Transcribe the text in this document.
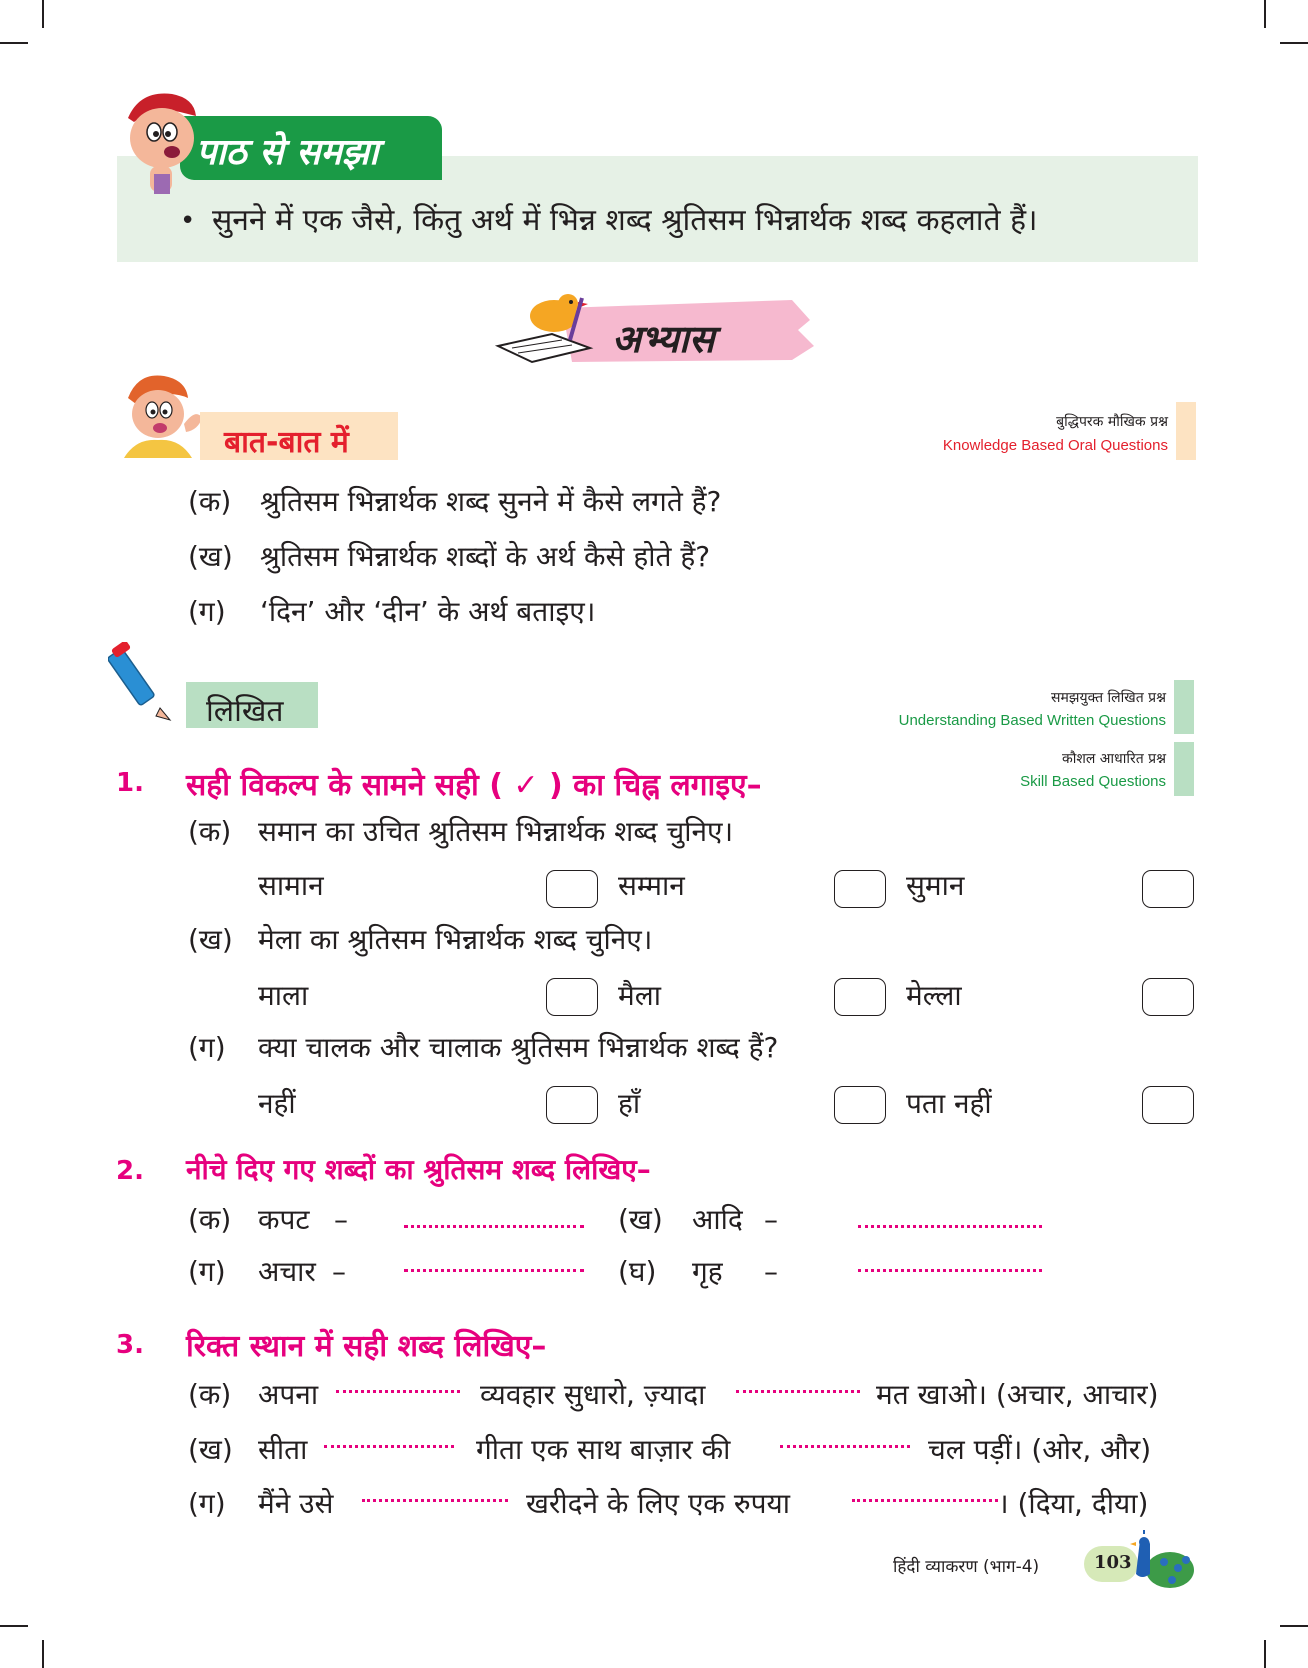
पाठ से समझा
• सुनने में एक जैसे, किंतु अर्थ में भिन्न शब्द श्रुतिसम भिन्नार्थक शब्द कहलाते हैं।
अभ्यास
बात-बात में
बुद्धिपरक मौखिक प्रश्न
Knowledge Based Oral Questions
(क) श्रुतिसम भिन्नार्थक शब्द सुनने में कैसे लगते हैं?
(ख) श्रुतिसम भिन्नार्थक शब्दों के अर्थ कैसे होते हैं?
(ग) ‘दिन’ और ‘दीन’ के अर्थ बताइए।
लिखित	समझयुक्त लिखित प्रश्न
Understanding Based Written Questions
कौशल आधारित प्रश्न
Skill Based Questions
1. सही विकल्प के सामने सही ( ✓ ) का चिह्न लगाइए–
(क) समान का उचित श्रुतिसम भिन्नार्थक शब्द चुनिए।
सामान	सम्मान	सुमान
(ख) मेला का श्रुतिसम भिन्नार्थक शब्द चुनिए।
माला	मैला	मेल्ला
(ग) क्या चालक और चालाक श्रुतिसम भिन्नार्थक शब्द हैं?
नहीं	हाँ	पता नहीं
2. नीचे दिए गए शब्दों का श्रुतिसम शब्द लिखिए–
(क) कपट –	(ख) आदि –
(ग) अचार –	(घ) गृह –
3. रिक्त स्थान में सही शब्द लिखिए–
(क) अपना	व्यवहार सुधारो, ज़्यादा	मत खाओ। (अचार, आचार)
(ख) सीता	गीता एक साथ बाज़ार की	चल पड़ीं। (ओर, और)
(ग) मैंने उसे	खरीदने के लिए एक रुपया	। (दिया, दीया)
हिंदी व्याकरण (भाग-4)	103
